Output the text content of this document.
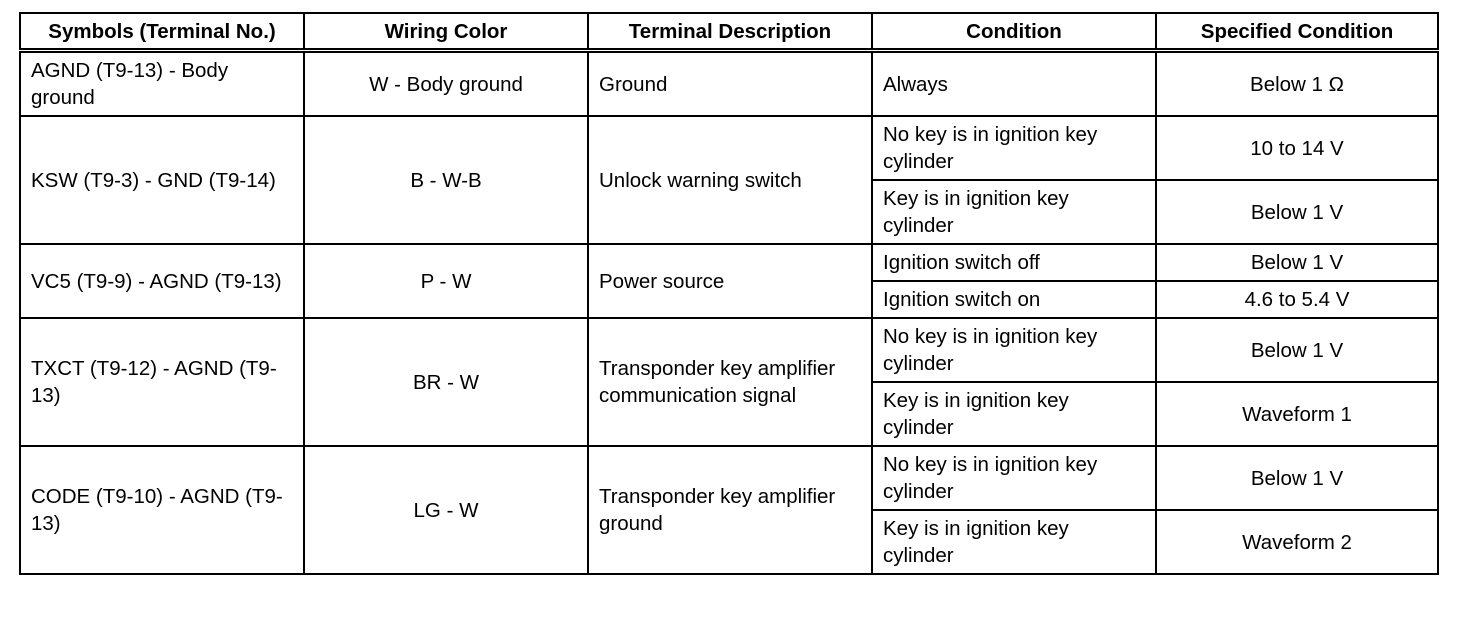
Symbols (Terminal No.)	Wiring Color	Terminal Description	Condition	Specified Condition
AGND (T9-13) - Body ground	W - Body ground	Ground	Always	Below 1 Ω
KSW (T9-3) - GND (T9-14)	B - W-B	Unlock warning switch	No key is in ignition key cylinder	10 to 14 V
			Key is in ignition key cylinder	Below 1 V
VC5 (T9-9) - AGND (T9-13)	P - W	Power source	Ignition switch off	Below 1 V
			Ignition switch on	4.6 to 5.4 V
TXCT (T9-12) - AGND (T9-13)	BR - W	Transponder key amplifier communication signal	No key is in ignition key cylinder	Below 1 V
			Key is in ignition key cylinder	Waveform 1
CODE (T9-10) - AGND (T9-13)	LG - W	Transponder key amplifier ground	No key is in ignition key cylinder	Below 1 V
			Key is in ignition key cylinder	Waveform 2
